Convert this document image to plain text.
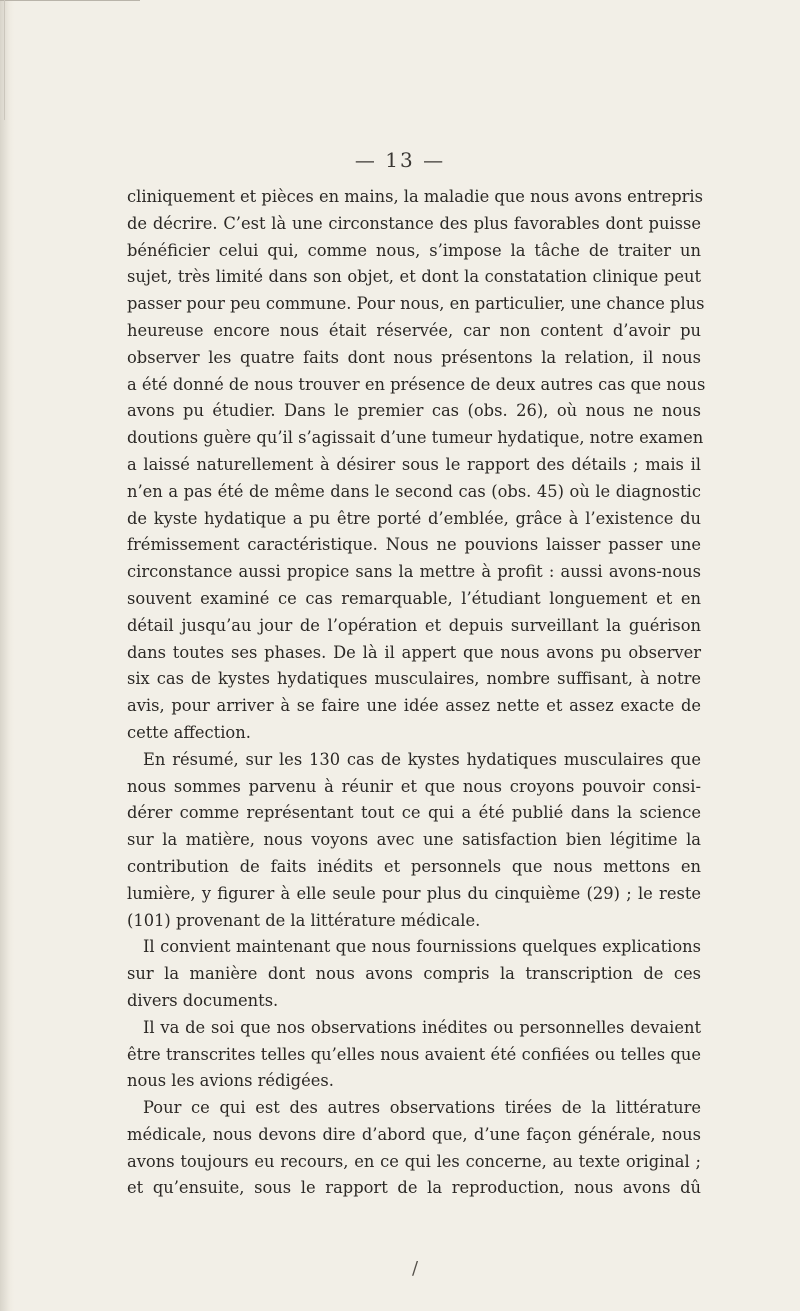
— 13 —
cliniquement et pièces en mains, la maladie que nous avons entrepris
de décrire. C’est là une circonstance des plus favorables dont puisse
bénéficier celui qui, comme nous, s’impose la tâche de traiter un
sujet, très limité dans son objet, et dont la constatation clinique peut
passer pour peu commune. Pour nous, en particulier, une chance plus
heureuse encore nous était réservée, car non content d’avoir pu
observer les quatre faits dont nous présentons la relation, il nous
a été donné de nous trouver en présence de deux autres cas que nous
avons pu étudier. Dans le premier cas (obs. 26), où nous ne nous
doutions guère qu’il s’agissait d’une tumeur hydatique, notre examen
a laissé naturellement à désirer sous le rapport des détails ; mais il
n’en a pas été de même dans le second cas (obs. 45) où le diagnostic
de kyste hydatique a pu être porté d’emblée, grâce à l’existence du
frémissement caractéristique. Nous ne pouvions laisser passer une
circonstance aussi propice sans la mettre à profit : aussi avons-nous
souvent examiné ce cas remarquable, l’étudiant longuement et en
détail jusqu’au jour de l’opération et depuis surveillant la guérison
dans toutes ses phases. De là il appert que nous avons pu observer
six cas de kystes hydatiques musculaires, nombre suffisant, à notre
avis, pour arriver à se faire une idée assez nette et assez exacte de
cette affection.
En résumé, sur les 130 cas de kystes hydatiques musculaires que
nous sommes parvenu à réunir et que nous croyons pouvoir consi-
dérer comme représentant tout ce qui a été publié dans la science
sur la matière, nous voyons avec une satisfaction bien légitime la
contribution de faits inédits et personnels que nous mettons en
lumière, y figurer à elle seule pour plus du cinquième (29) ; le reste
(101) provenant de la littérature médicale.
Il convient maintenant que nous fournissions quelques explications
sur la manière dont nous avons compris la transcription de ces
divers documents.
Il va de soi que nos observations inédites ou personnelles devaient
être transcrites telles qu’elles nous avaient été confiées ou telles que
nous les avions rédigées.
Pour ce qui est des autres observations tirées de la littérature
médicale, nous devons dire d’abord que, d’une façon générale, nous
avons toujours eu recours, en ce qui les concerne, au texte original ;
et qu’ensuite, sous le rapport de la reproduction, nous avons dû
/
